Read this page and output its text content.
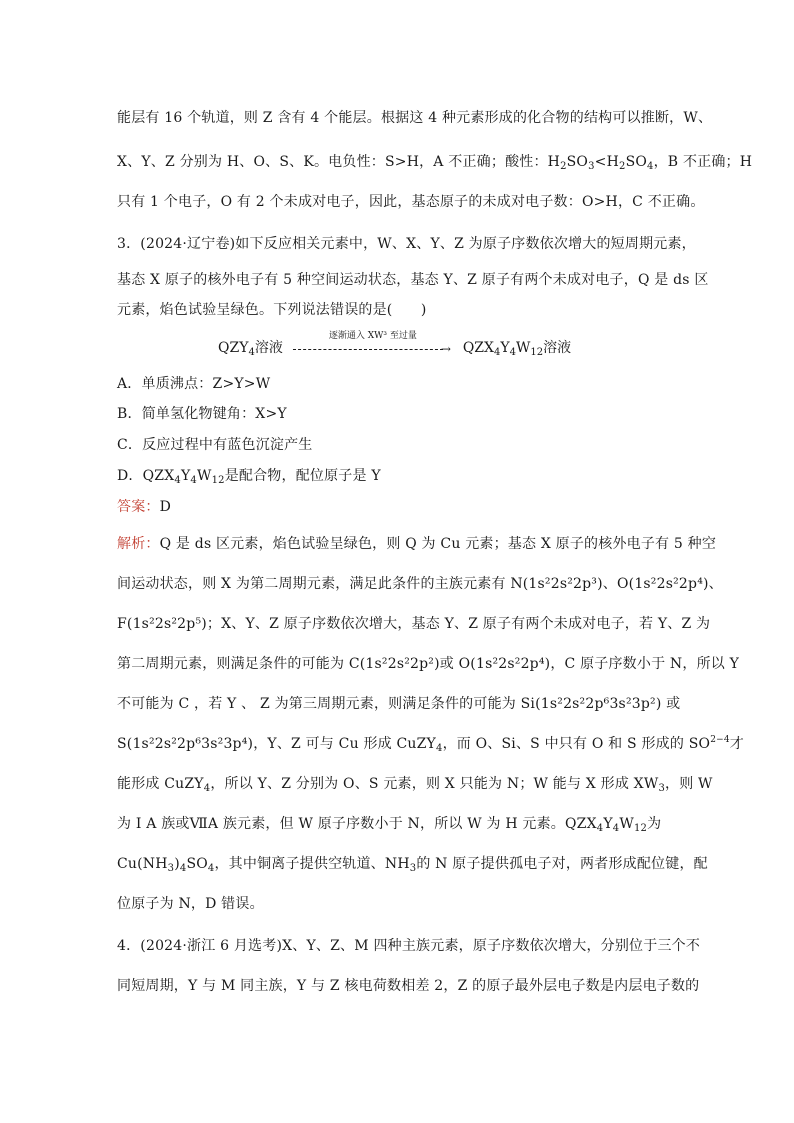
能层有 16 个轨道，则 Z 含有 4 个能层。根据这 4 种元素形成的化合物的结构可以推断，W、
X、Y、Z 分别为 H、O、S、K。电负性：S>H，A 不正确；酸性：$H_2SO_3<H_2SO_4$，B 不正确；H
只有 1 个电子，O 有 2 个未成对电子，因此，基态原子的未成对电子数：O>H，C 不正确。
3．(2024·辽宁卷)如下反应相关元素中，W、X、Y、Z 为原子序数依次增大的短周期元素，
基态 X 原子的核外电子有 5 种空间运动状态，基态 Y、Z 原子有两个未成对电子，Q 是 ds 区
元素，焰色试验呈绿色。下列说法错误的是(　　)
$QZY_4$溶液
逐渐通入 XW³ 至过量
→ $QZX_4Y_4W_{12}$溶液
A．单质沸点：Z>Y>W
B．简单氢化物键角：X>Y
C．反应过程中有蓝色沉淀产生
D．$QZX_4Y_4W_{12}$是配合物，配位原子是 Y
答案：D
解析：Q 是 ds 区元素，焰色试验呈绿色，则 Q 为 Cu 元素；基态 X 原子的核外电子有 5 种空
间运动状态，则 X 为第二周期元素，满足此条件的主族元素有 N(1s²2s²2p³)、O(1s²2s²2p⁴)、
F(1s²2s²2p⁵)；X、Y、Z 原子序数依次增大，基态 Y、Z 原子有两个未成对电子，若 Y、Z 为
第二周期元素，则满足条件的可能为 C(1s²2s²2p²)或 O(1s²2s²2p⁴)，C 原子序数小于 N，所以 Y
不可能为 C ，若 Y 、 Z 为第三周期元素，则满足条件的可能为 Si(1s²2s²2p⁶3s²3p²) 或
S(1s²2s²2p⁶3s²3p⁴)，Y、Z 可与 Cu 形成 CuZY$_4$，而 O、Si、S 中只有 O 和 S 形成的 $SO^{2-4}$才
能形成 CuZY$_4$，所以 Y、Z 分别为 O、S 元素，则 X 只能为 N；W 能与 X 形成 $XW_3$，则 W
为 Ⅰ A 族或ⅦA 族元素，但 W 原子序数小于 N，所以 W 为 H 元素。$QZX_4Y_4W_{12}$为
$Cu(NH_3)_4SO_4$，其中铜离子提供空轨道、$NH_3$的 N 原子提供孤电子对，两者形成配位键，配
位原子为 N，D 错误。
4．(2024·浙江 6 月选考)X、Y、Z、M 四种主族元素，原子序数依次增大，分别位于三个不
同短周期，Y 与 M 同主族，Y 与 Z 核电荷数相差 2，Z 的原子最外层电子数是内层电子数的
